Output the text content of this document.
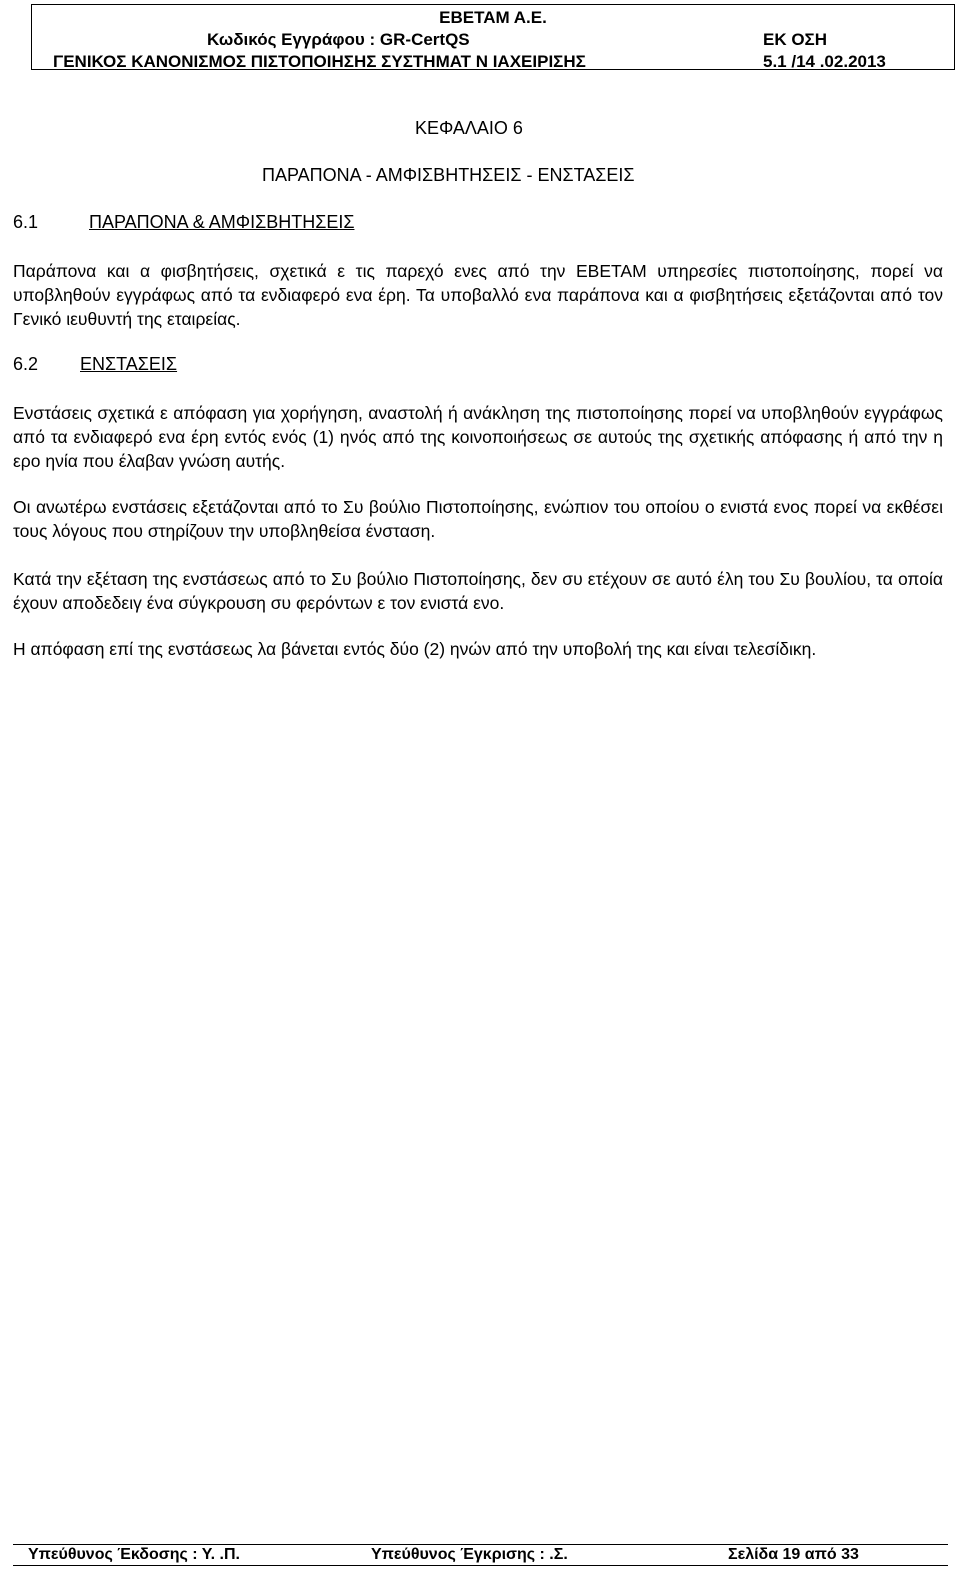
ΕΒΕΤΑΜ Α.Ε.
Κωδικός Εγγράφου : GR-CertQS	ΕΚ ΟΣΗ
ΓΕΝΙΚΟΣ ΚΑΝΟΝΙΣΜΟΣ ΠΙΣΤΟΠΟΙΗΣΗΣ ΣΥΣΤΗΜΑΤ Ν ΙΑΧΕΙΡΙΣΗΣ	5.1 /14 .02.2013
ΚΕΦΑΛΑΙΟ 6
ΠΑΡΑΠΟΝΑ - ΑΜΦΙΣΒΗΤΗΣΕΙΣ - ΕΝΣΤΑΣΕΙΣ
6.1	ΠΑΡΑΠΟΝΑ & ΑΜΦΙΣΒΗΤΗΣΕΙΣ
Παράπονα και α φισβητήσεις, σχετικά ε τις παρεχό ενες από την ΕΒΕΤΑΜ υπηρεσίες πιστοποίησης, πορεί να υποβληθούν εγγράφως από τα ενδιαφερό ενα έρη. Τα υποβαλλό ενα παράπονα και α φισβητήσεις εξετάζονται από τον Γενικό ιευθυντή της εταιρείας.
6.2 ΕΝΣΤΑΣΕΙΣ
Ενστάσεις σχετικά ε απόφαση για χορήγηση, αναστολή ή ανάκληση της πιστοποίησης πορεί να υποβληθούν εγγράφως από τα ενδιαφερό ενα έρη εντός ενός (1) ηνός από της κοινοποιήσεως σε αυτούς της σχετικής απόφασης ή από την η ερο ηνία που έλαβαν γνώση αυτής.
Οι ανωτέρω ενστάσεις εξετάζονται από το Συ βούλιο Πιστοποίησης, ενώπιον του οποίου ο ενιστά ενος πορεί να εκθέσει τους λόγους που στηρίζουν την υποβληθείσα ένσταση.
Κατά την εξέταση της ενστάσεως από το Συ βούλιο Πιστοποίησης, δεν συ ετέχουν σε αυτό έλη του Συ βουλίου, τα οποία έχουν αποδεδειγ ένα σύγκρουση συ φερόντων ε τον ενιστά ενο.
Η απόφαση επί της ενστάσεως λα βάνεται εντός δύο (2) ηνών από την υποβολή της και είναι τελεσίδικη.
Υπεύθυνος Έκδοσης : Υ. .Π.	Υπεύθυνος Έγκρισης : .Σ.	Σελίδα 19 από 33
